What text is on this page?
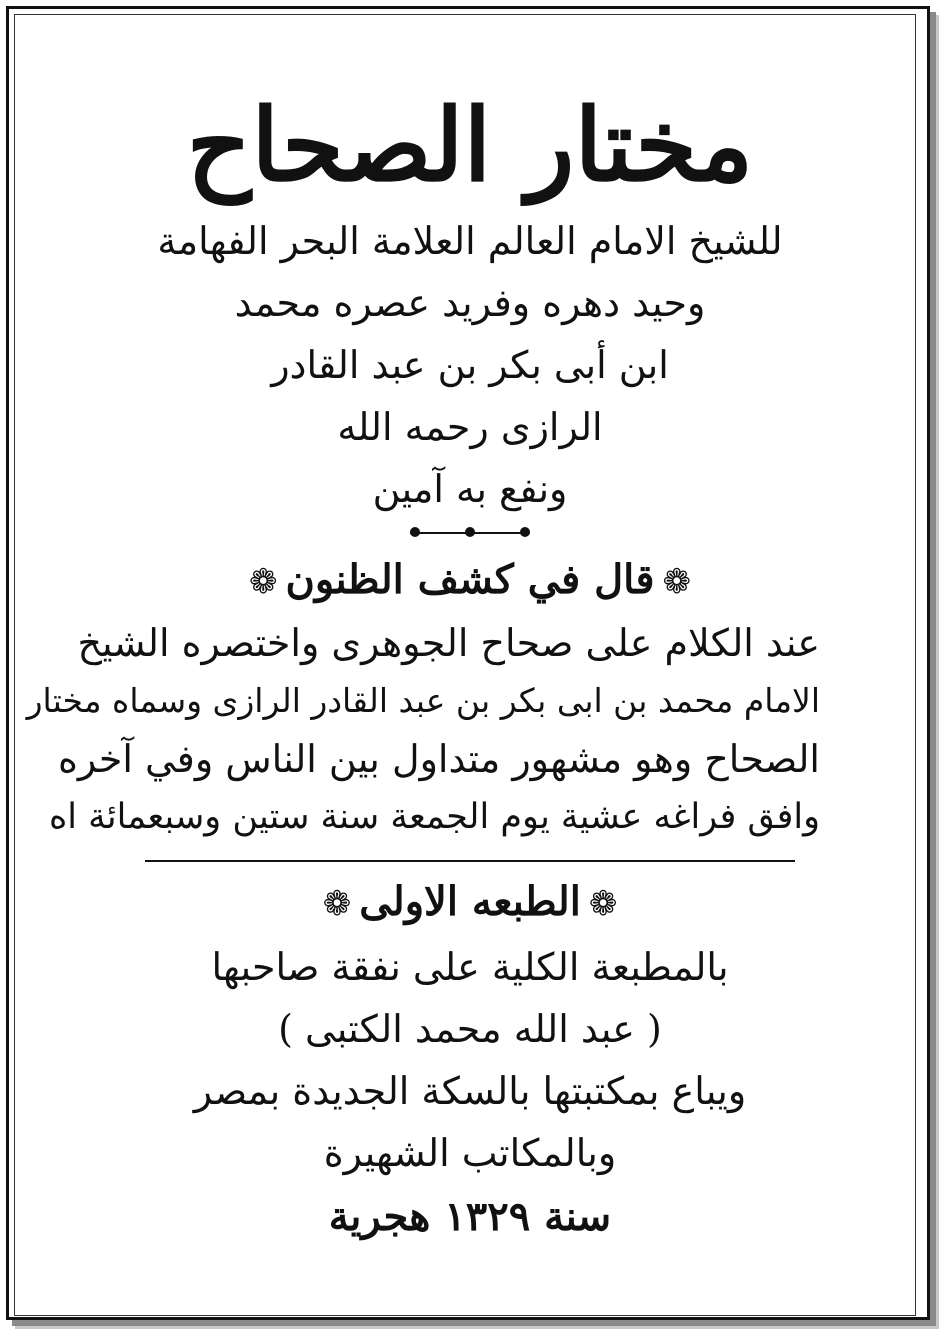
مختار الصحاح

للشيخ الامام العالم العلامة البحر الفهامة

وحيد دهره وفريد عصره محمد

ابن أبى بكر بن عبد القادر

الرازى رحمه الله

ونفع به آمين

❁قال في كشف الظنون❁

عند الكلام على صحاح الجوهرى واختصره الشيخ

الامام محمد بن ابى بكر بن عبد القادر الرازى وسماه مختار

الصحاح وهو مشهور متداول بين الناس وفي آخره

وافق فراغه عشية يوم الجمعة سنة ستين وسبعمائة اه

❁الطبعه الاولى❁

بالمطبعة الكلية على نفقة صاحبها

( عبد الله محمد الكتبى )

ويباع بمكتبتها بالسكة الجديدة بمصر

وبالمكاتب الشهيرة

سنة ١٣٢٩ هجرية
